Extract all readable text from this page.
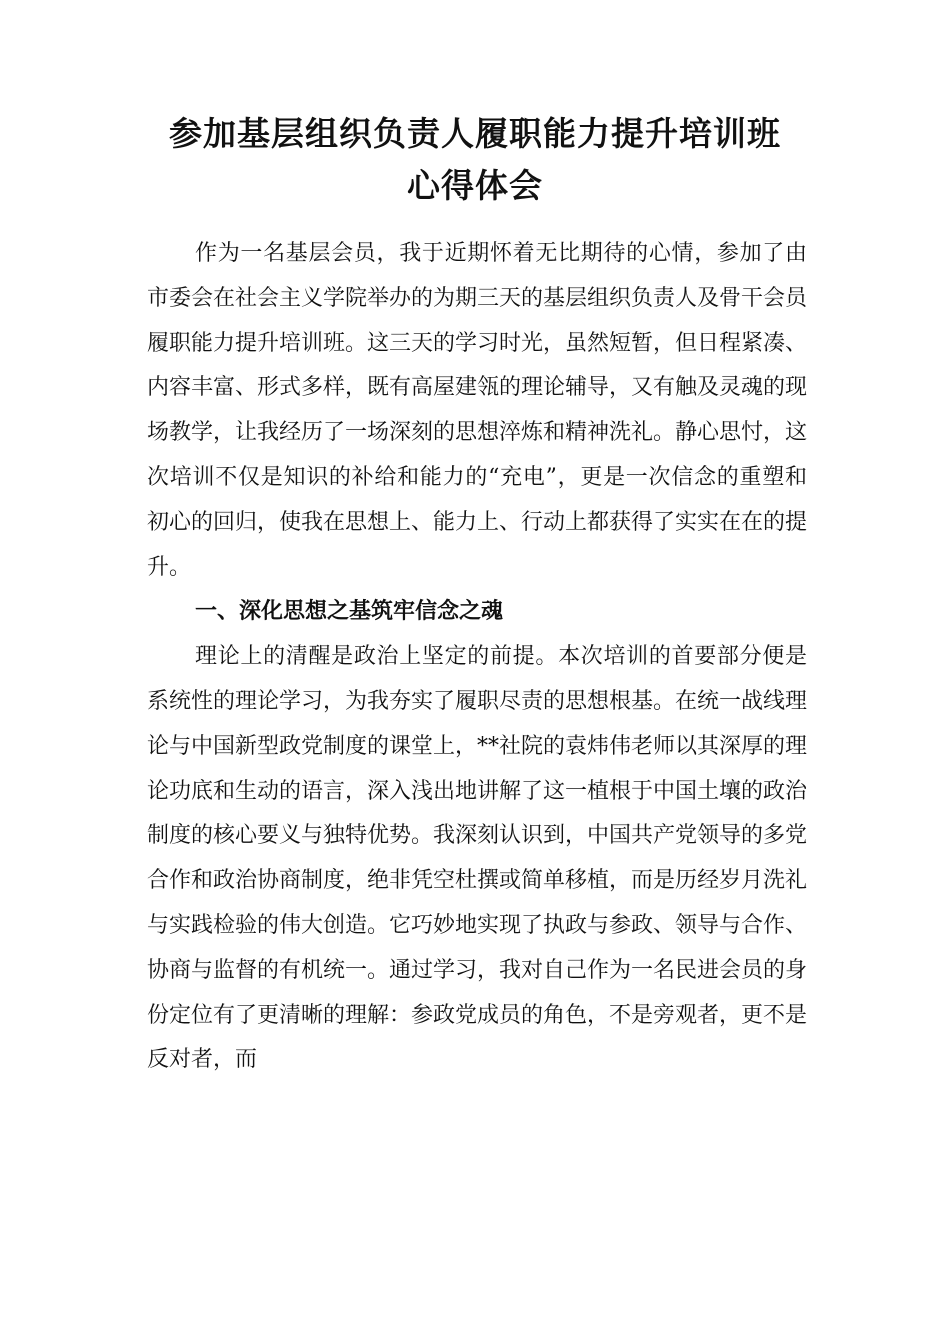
参加基层组织负责人履职能力提升培训班
心得体会

作为一名基层会员，我于近期怀着无比期待的心情，参加了由市委会在社会主义学院举办的为期三天的基层组织负责人及骨干会员履职能力提升培训班。这三天的学习时光，虽然短暂，但日程紧凑、内容丰富、形式多样，既有高屋建瓴的理论辅导，又有触及灵魂的现场教学，让我经历了一场深刻的思想淬炼和精神洗礼。静心思忖，这次培训不仅是知识的补给和能力的“充电”，更是一次信念的重塑和初心的回归，使我在思想上、能力上、行动上都获得了实实在在的提升。

一、深化思想之基筑牢信念之魂

理论上的清醒是政治上坚定的前提。本次培训的首要部分便是系统性的理论学习，为我夯实了履职尽责的思想根基。在统一战线理论与中国新型政党制度的课堂上，**社院的袁炜伟老师以其深厚的理论功底和生动的语言，深入浅出地讲解了这一植根于中国土壤的政治制度的核心要义与独特优势。我深刻认识到，中国共产党领导的多党合作和政治协商制度，绝非凭空杜撰或简单移植，而是历经岁月洗礼与实践检验的伟大创造。它巧妙地实现了执政与参政、领导与合作、协商与监督的有机统一。通过学习，我对自己作为一名民进会员的身份定位有了更清晰的理解：参政党成员的角色，不是旁观者，更不是反对者，而
